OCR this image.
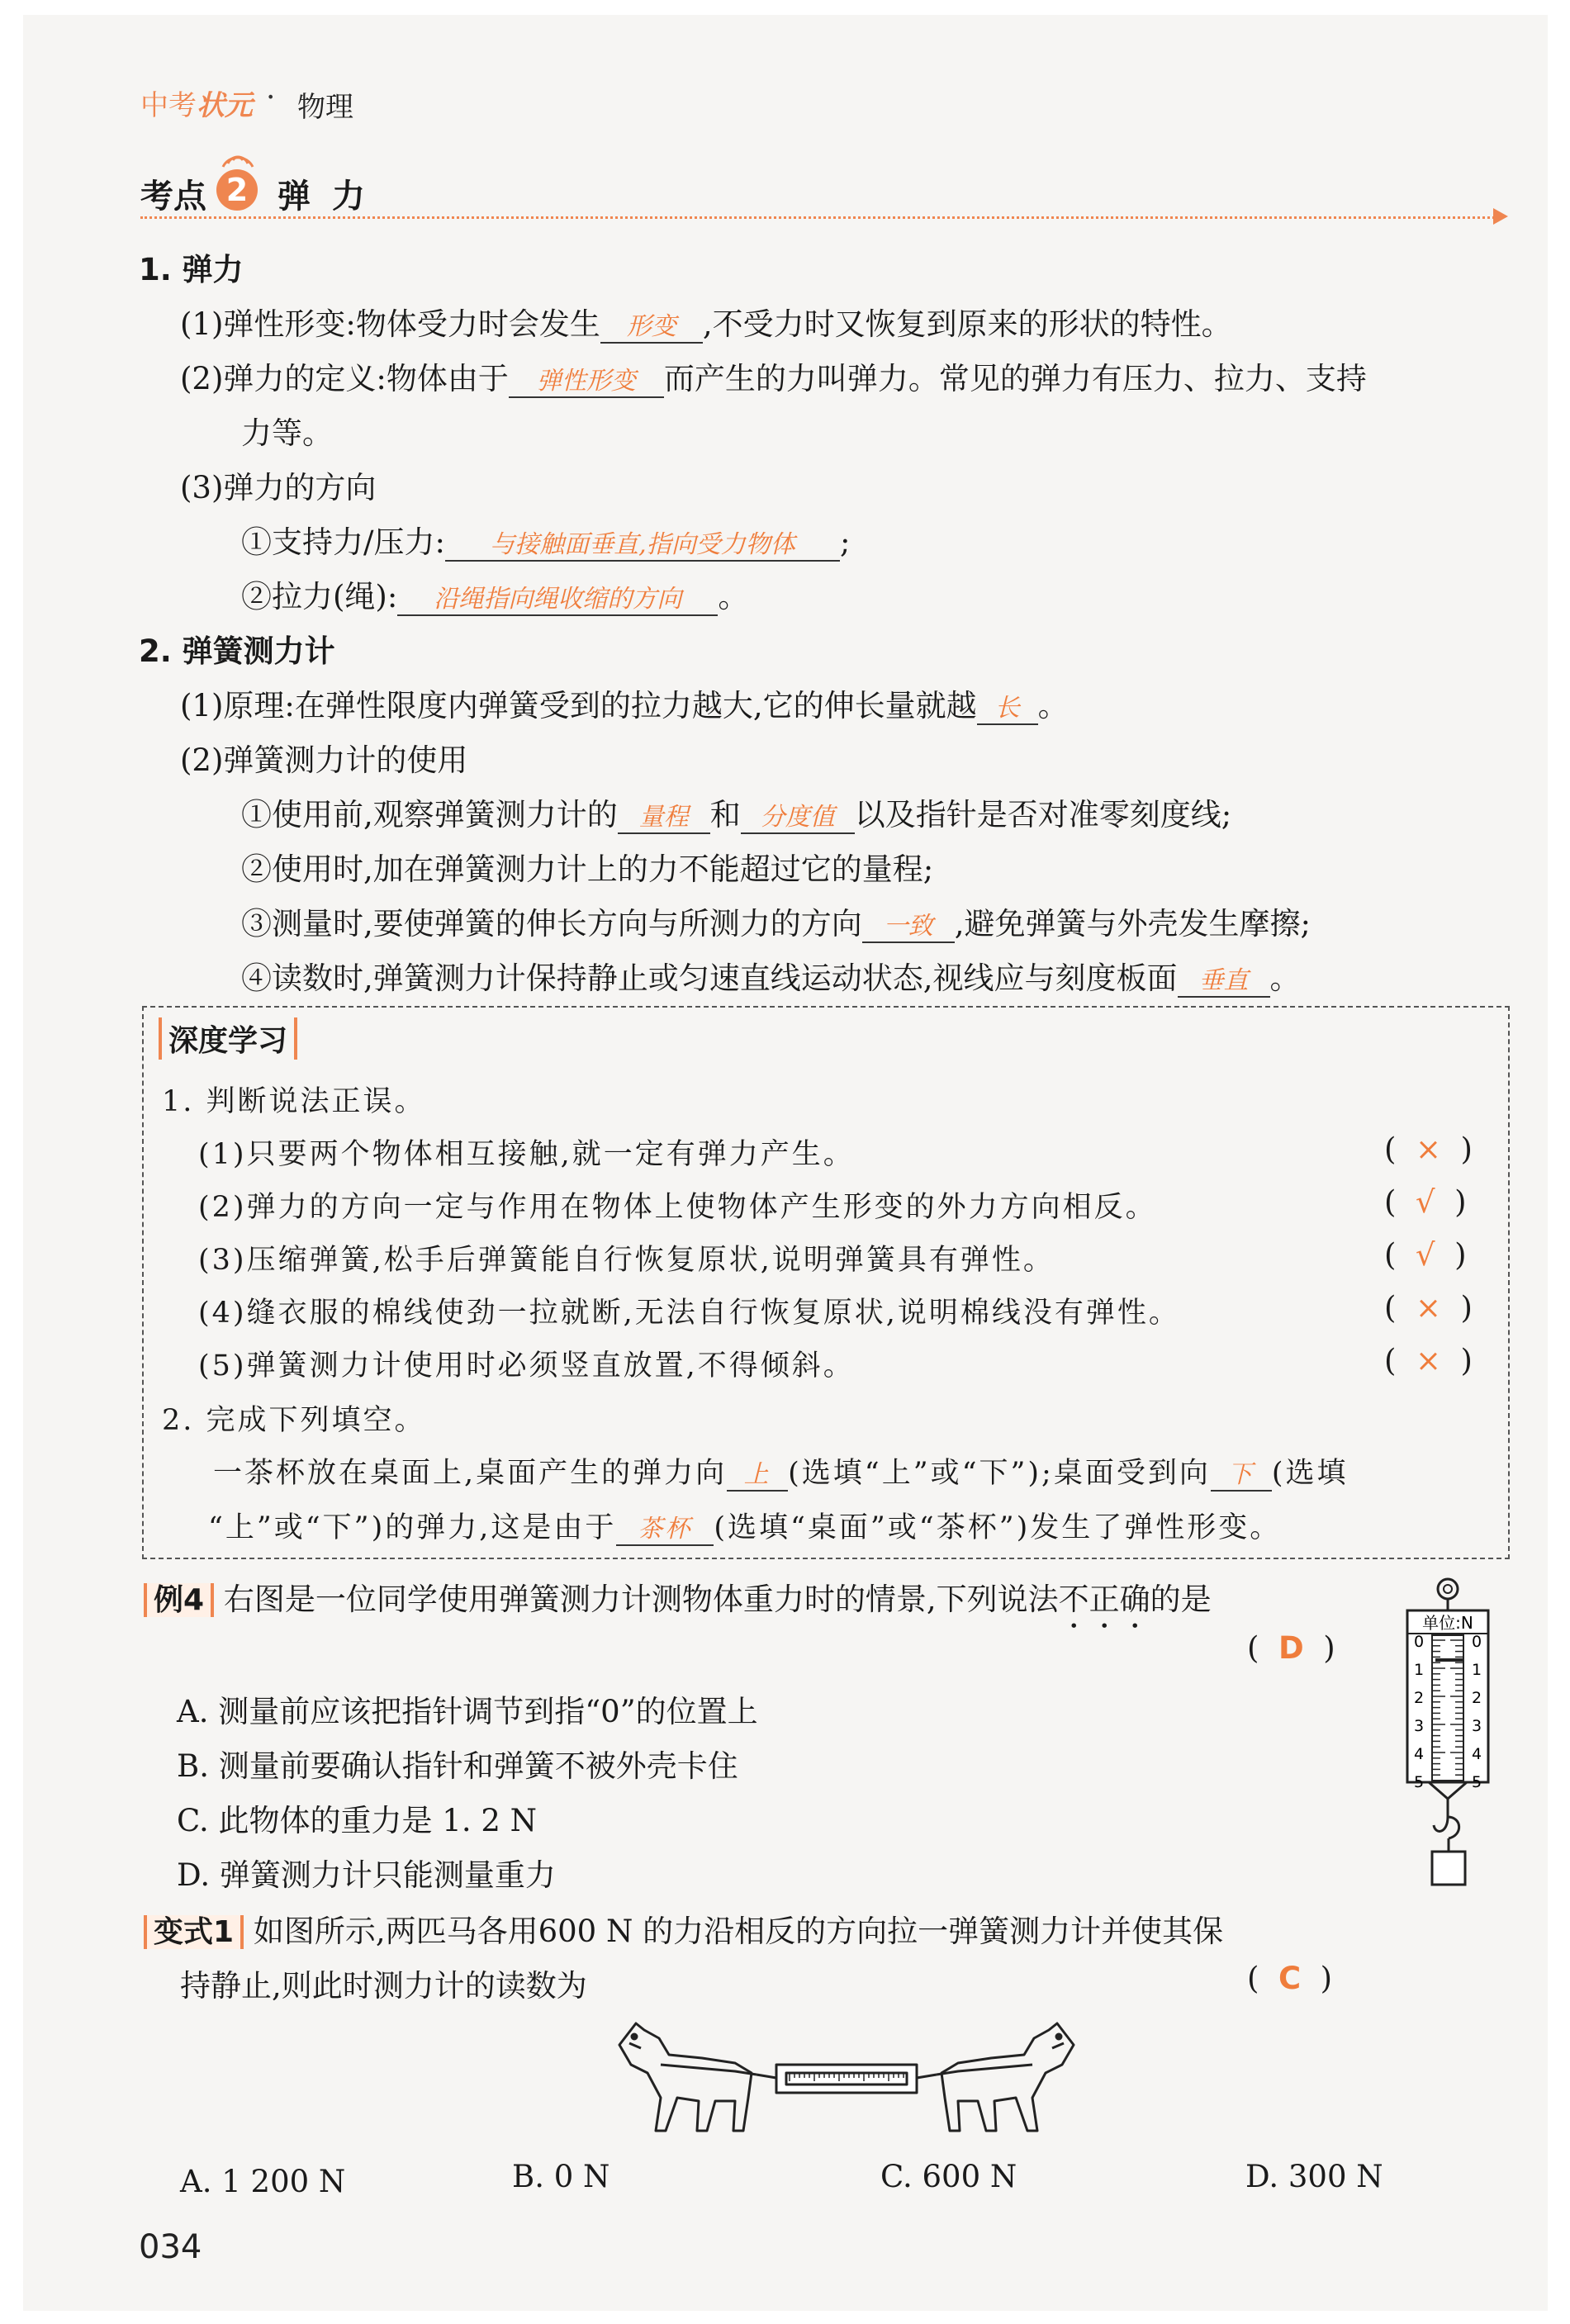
中考状元 · 物理
考点 2 弹力
1. 弹力
(1)弹性形变:物体受力时会发生 形变 ,不受力时又恢复到原来的形状的特性。
(2)弹力的定义:物体由于 弹性形变 而产生的力叫弹力。常见的弹力有压力、拉力、支持
力等。
(3)弹力的方向
①支持力/压力: 与接触面垂直,指向受力物体 ;
②拉力(绳): 沿绳指向绳收缩的方向 。
2. 弹簧测力计
(1)原理:在弹性限度内弹簧受到的拉力越大,它的伸长量就越 长 。
(2)弹簧测力计的使用
①使用前,观察弹簧测力计的 量程 和 分度值 以及指针是否对准零刻度线;
②使用时,加在弹簧测力计上的力不能超过它的量程;
③测量时,要使弹簧的伸长方向与所测力的方向 一致 ,避免弹簧与外壳发生摩擦;
④读数时,弹簧测力计保持静止或匀速直线运动状态,视线应与刻度板面 垂直 。
深度学习
1. 判断说法正误。
(1)只要两个物体相互接触,就一定有弹力产生。	(  ×  )
(2)弹力的方向一定与作用在物体上使物体产生形变的外力方向相反。	(  √  )
(3)压缩弹簧,松手后弹簧能自行恢复原状,说明弹簧具有弹性。	(  √  )
(4)缝衣服的棉线使劲一拉就断,无法自行恢复原状,说明棉线没有弹性。	(  ×  )
(5)弹簧测力计使用时必须竖直放置,不得倾斜。	(  ×  )
2. 完成下列填空。
一茶杯放在桌面上,桌面产生的弹力向 上 (选填“上”或“下”);桌面受到向 下 (选填
“上”或“下”)的弹力,这是由于 茶杯 (选填“桌面”或“茶杯”)发生了弹性形变。
例4 右图是一位同学使用弹簧测力计测物体重力时的情景,下列说法不正确的是
(  D  )
A. 测量前应该把指针调节到指“0”的位置上
B. 测量前要确认指针和弹簧不被外壳卡住
C. 此物体的重力是 1. 2 N
D. 弹簧测力计只能测量重力
单位:N
0	0
1	1
2	2
3	3
4	4
5	5
变式1 如图所示,两匹马各用600 N 的力沿相反的方向拉一弹簧测力计并使其保
持静止,则此时测力计的读数为	(  C  )
A. 1 200 N	B. 0 N	C. 600 N	D. 300 N
034
